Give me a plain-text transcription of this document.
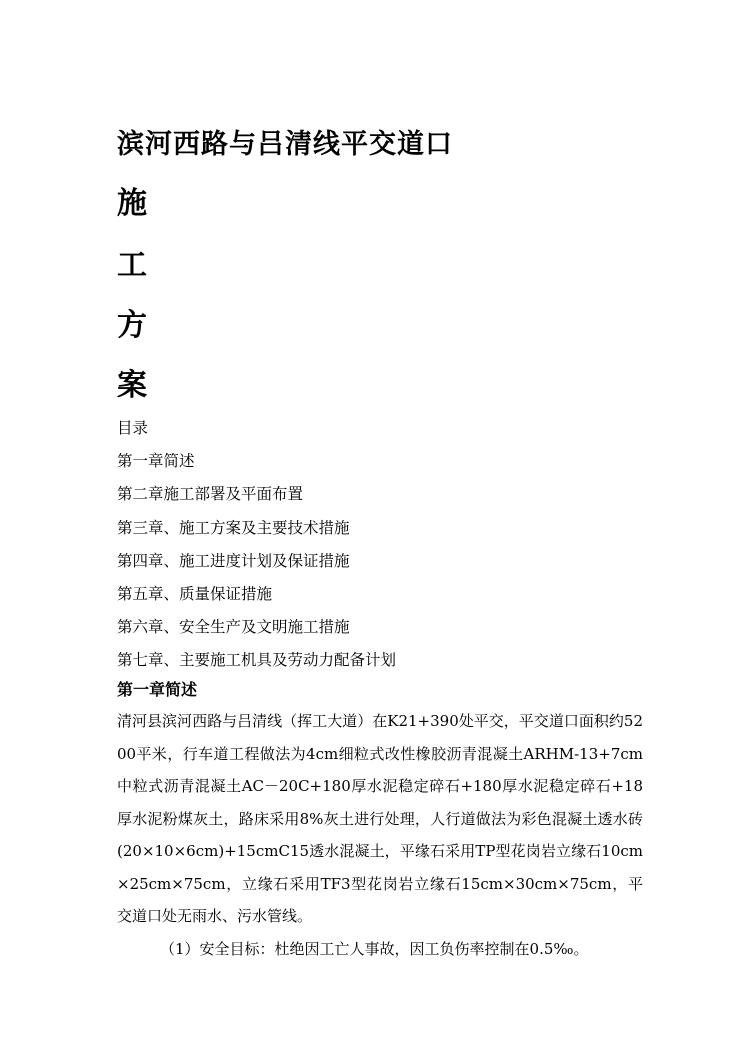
滨河西路与吕清线平交道口
施
工
方
案
目录
第一章简述
第二章施工部署及平面布置
第三章、施工方案及主要技术措施
第四章、施工进度计划及保证措施
第五章、质量保证措施
第六章、安全生产及文明施工措施
第七章、主要施工机具及劳动力配备计划
第一章简述

清河县滨河西路与吕清线（挥工大道）在K21+390处平交，平交道口面积约5200平米，行车道工程做法为4cm细粒式改性橡胶沥青混凝土ARHM-13+7cm中粒式沥青混凝土AC－20C+180厚水泥稳定碎石+180厚水泥稳定碎石+18厚水泥粉煤灰土，路床采用8%灰土进行处理，人行道做法为彩色混凝土透水砖(20×10×6cm)+15cmC15透水混凝土，平缘石采用TP型花岗岩立缘石10cm×25cm×75cm，立缘石采用TF3型花岗岩立缘石15cm×30cm×75cm，平交道口处无雨水、污水管线。

（1）安全目标：杜绝因工亡人事故，因工负伤率控制在0.5‰。
